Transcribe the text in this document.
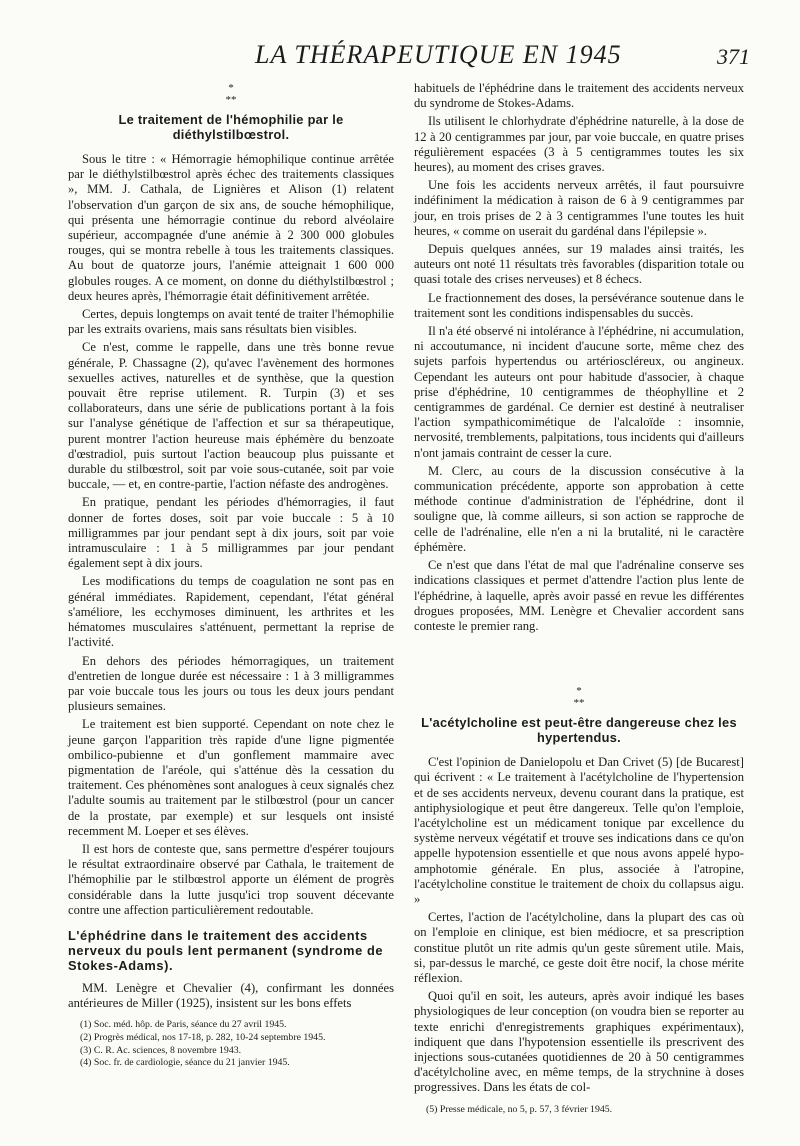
LA THÉRAPEUTIQUE EN 1945	371
*
**
Le traitement de l'hémophilie par le diéthylstilbœstrol.

Sous le titre : « Hémorragie hémophilique continue arrêtée par le diéthylstilbœstrol après échec des traitements classiques », MM. J. Cathala, de Lignières et Alison (1) relatent l'observation d'un garçon de six ans, de souche hémophilique, qui présenta une hémorragie continue du rebord alvéolaire supérieur, accompagnée d'une anémie à 2 300 000 globules rouges, qui se montra rebelle à tous les traitements classiques. Au bout de quatorze jours, l'anémie atteignait 1 600 000 globules rouges. A ce moment, on donne du diéthylstilbœstrol ; deux heures après, l'hémorragie était définitivement arrêtée.

Certes, depuis longtemps on avait tenté de traiter l'hémophilie par les extraits ovariens, mais sans résultats bien visibles.

Ce n'est, comme le rappelle, dans une très bonne revue générale, P. Chassagne (2), qu'avec l'avènement des hormones sexuelles actives, naturelles et de synthèse, que la question pouvait être reprise utilement. R. Turpin (3) et ses collaborateurs, dans une série de publications portant à la fois sur l'analyse génétique de l'affection et sur sa thérapeutique, purent montrer l'action heureuse mais éphémère du benzoate d'œstradiol, puis surtout l'action beaucoup plus puissante et durable du stilbœstrol, soit par voie sous-cutanée, soit par voie buccale, — et, en contre-partie, l'action néfaste des androgènes.

En pratique, pendant les périodes d'hémorragies, il faut donner de fortes doses, soit par voie buccale : 5 à 10 milligrammes par jour pendant sept à dix jours, soit par voie intramusculaire : 1 à 5 milligrammes par jour pendant également sept à dix jours.

Les modifications du temps de coagulation ne sont pas en général immédiates. Rapidement, cependant, l'état général s'améliore, les ecchymoses diminuent, les arthrites et les hématomes musculaires s'atténuent, permettant la reprise de l'activité.

En dehors des périodes hémorragiques, un traitement d'entretien de longue durée est nécessaire : 1 à 3 milligrammes par voie buccale tous les jours ou tous les deux jours pendant plusieurs semaines.

Le traitement est bien supporté. Cependant on note chez le jeune garçon l'apparition très rapide d'une ligne pigmentée ombilico-pubienne et d'un gonflement mammaire avec pigmentation de l'aréole, qui s'atténue dès la cessation du traitement. Ces phénomènes sont analogues à ceux signalés chez l'adulte soumis au traitement par le stilbœstrol (pour un cancer de la prostate, par exemple) et sur lesquels ont insisté recemment M. Loeper et ses élèves.

Il est hors de conteste que, sans permettre d'espérer toujours le résultat extraordinaire observé par Cathala, le traitement de l'hémophilie par le stilbœstrol apporte un élément de progrès considérable dans la lutte jusqu'ici trop souvent décevante contre une affection particulièrement redoutable.

L'éphédrine dans le traitement des accidents nerveux du pouls lent permanent (syndrome de Stokes-Adams).

MM. Lenègre et Chevalier (4), confirmant les données antérieures de Miller (1925), insistent sur les bons effets

(1) Soc. méd. hôp. de Paris, séance du 27 avril 1945.
(2) Progrès médical, nos 17-18, p. 282, 10-24 septembre 1945.
(3) C. R. Ac. sciences, 8 novembre 1943.
(4) Soc. fr. de cardiologie, séance du 21 janvier 1945.

habituels de l'éphédrine dans le traitement des accidents nerveux du syndrome de Stokes-Adams.

Ils utilisent le chlorhydrate d'éphédrine naturelle, à la dose de 12 à 20 centigrammes par jour, par voie buccale, en quatre prises régulièrement espacées (3 à 5 centigrammes toutes les six heures), au moment des crises graves.

Une fois les accidents nerveux arrêtés, il faut poursuivre indéfiniment la médication à raison de 6 à 9 centigrammes par jour, en trois prises de 2 à 3 centigrammes l'une toutes les huit heures, « comme on userait du gardénal dans l'épilepsie ».

Depuis quelques années, sur 19 malades ainsi traités, les auteurs ont noté 11 résultats très favorables (disparition totale ou quasi totale des crises nerveuses) et 8 échecs.

Le fractionnement des doses, la persévérance soutenue dans le traitement sont les conditions indispensables du succès.

Il n'a été observé ni intolérance à l'éphédrine, ni accumulation, ni accoutumance, ni incident d'aucune sorte, même chez des sujets parfois hypertendus ou artérioscléreux, ou angineux. Cependant les auteurs ont pour habitude d'associer, à chaque prise d'éphédrine, 10 centigrammes de théophylline et 2 centigrammes de gardénal. Ce dernier est destiné à neutraliser l'action sympathicomimétique de l'alcaloïde : insomnie, nervosité, tremblements, palpitations, tous incidents qui d'ailleurs n'ont jamais contraint de cesser la cure.

M. Clerc, au cours de la discussion consécutive à la communication précédente, apporte son approbation à cette méthode continue d'administration de l'éphédrine, dont il souligne que, là comme ailleurs, si son action se rapproche de celle de l'adrénaline, elle n'en a ni la brutalité, ni le caractère éphémère.

Ce n'est que dans l'état de mal que l'adrénaline conserve ses indications classiques et permet d'attendre l'action plus lente de l'éphédrine, à laquelle, après avoir passé en revue les différentes drogues proposées, MM. Lenègre et Chevalier accordent sans conteste le premier rang.

*
**
L'acétylcholine est peut-être dangereuse chez les hypertendus.

C'est l'opinion de Danielopolu et Dan Crivet (5) [de Bucarest] qui écrivent : « Le traitement à l'acétylcholine de l'hypertension et de ses accidents nerveux, devenu courant dans la pratique, est antiphysiologique et peut être dangereux. Telle qu'on l'emploie, l'acétylcholine est un médicament tonique par excellence du système nerveux végétatif et trouve ses indications dans ce qu'on appelle hypotension essentielle et que nous avons appelé hypo-amphotomie générale. En plus, associée à l'atropine, l'acétylcholine constitue le traitement de choix du collapsus aigu. »

Certes, l'action de l'acétylcholine, dans la plupart des cas où on l'emploie en clinique, est bien médiocre, et sa prescription constitue plutôt un rite admis qu'un geste sûrement utile. Mais, si, par-dessus le marché, ce geste doit être nocif, la chose mérite réflexion.

Quoi qu'il en soit, les auteurs, après avoir indiqué les bases physiologiques de leur conception (on voudra bien se reporter au texte enrichi d'enregistrements graphiques expérimentaux), indiquent que dans l'hypotension essentielle ils prescrivent des injections sous-cutanées quotidiennes de 20 à 50 centigrammes d'acétylcholine avec, en même temps, de la strychnine à doses progressives. Dans les états de col-

(5) Presse médicale, no 5, p. 57, 3 février 1945.
